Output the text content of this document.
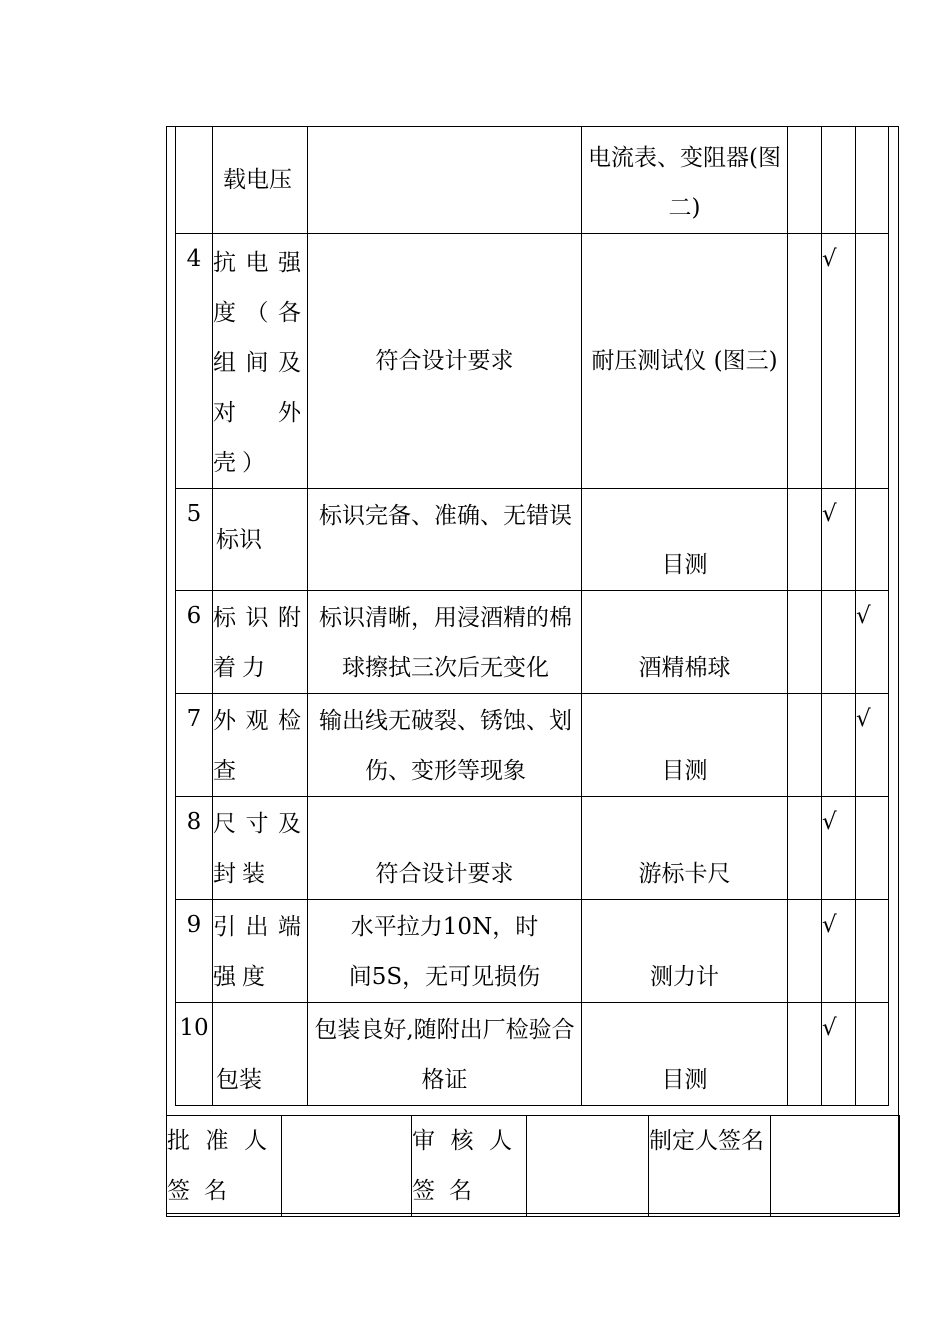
	载电压		电流表、变阻器(图二)			
4	抗电强度（各组间及对外壳）	符合设计要求	耐压测试仪 (图三)		√	
5	标识	标识完备、准确、无错误	目测		√	
6	标识附着力	标识清晰，用浸酒精的棉球擦拭三次后无变化	酒精棉球			√
7	外观检查	输出线无破裂、锈蚀、划伤、变形等现象	目测			√
8	尺寸及封装	符合设计要求	游标卡尺		√	
9	引出端强度	水平拉力10N，时间5S，无可见损伤	测力计		√	
10	包装	包装良好,随附出厂检验合格证	目测		√	
批准人签名		审核人签名		制定人签名	
